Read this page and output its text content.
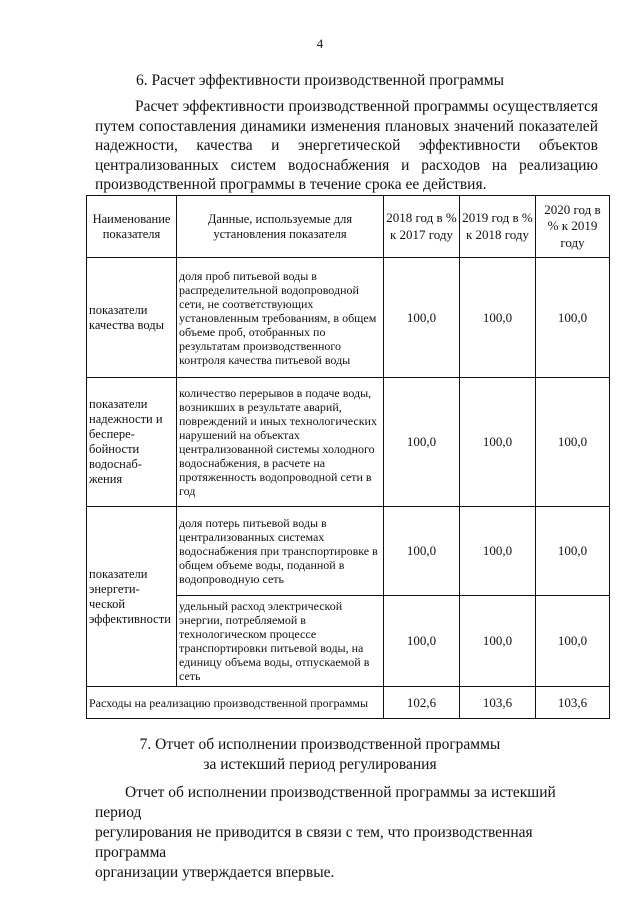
4
6. Расчет эффективности производственной программы
Расчет эффективности производственной программы осуществляется путем сопоставления динамики изменения плановых значений показателей надежности, качества и энергетической эффективности объектов централизованных систем водоснабжения и расходов на реализацию
производственной программы в течение срока ее действия.
Наименование показателя	Данные, используемые для установления показателя	2018 год в % к 2017 году	2019 год в % к 2018 году	2020 год в % к 2019 году
показатели качества воды	доля проб питьевой воды в распределительной водопроводной сети, не соответствующих установленным требованиям, в общем объеме проб, отобранных по результатам производственного контроля качества питьевой воды	100,0	100,0	100,0
показатели надежности и беспере-бойности водоснаб-жения	количество перерывов в подаче воды, возникших в результате аварий, повреждений и иных технологических нарушений на объектах централизованной системы холодного водоснабжения, в расчете на протяженность водопроводной сети в год	100,0	100,0	100,0
показатели энергети-ческой эффективности	доля потерь питьевой воды в централизованных системах водоснабжения при транспортировке в общем объеме воды, поданной в водопроводную сеть	100,0	100,0	100,0
	удельный расход электрической энергии, потребляемой в технологическом процессе транспортировки питьевой воды, на единицу объема воды, отпускаемой в сеть	100,0	100,0	100,0
Расходы на реализацию производственной программы		102,6	103,6	103,6
7. Отчет об исполнении производственной программы
за истекший период регулирования
Отчет об исполнении производственной программы за истекший период
регулирования не приводится в связи с тем, что производственная программа
организации утверждается впервые.
